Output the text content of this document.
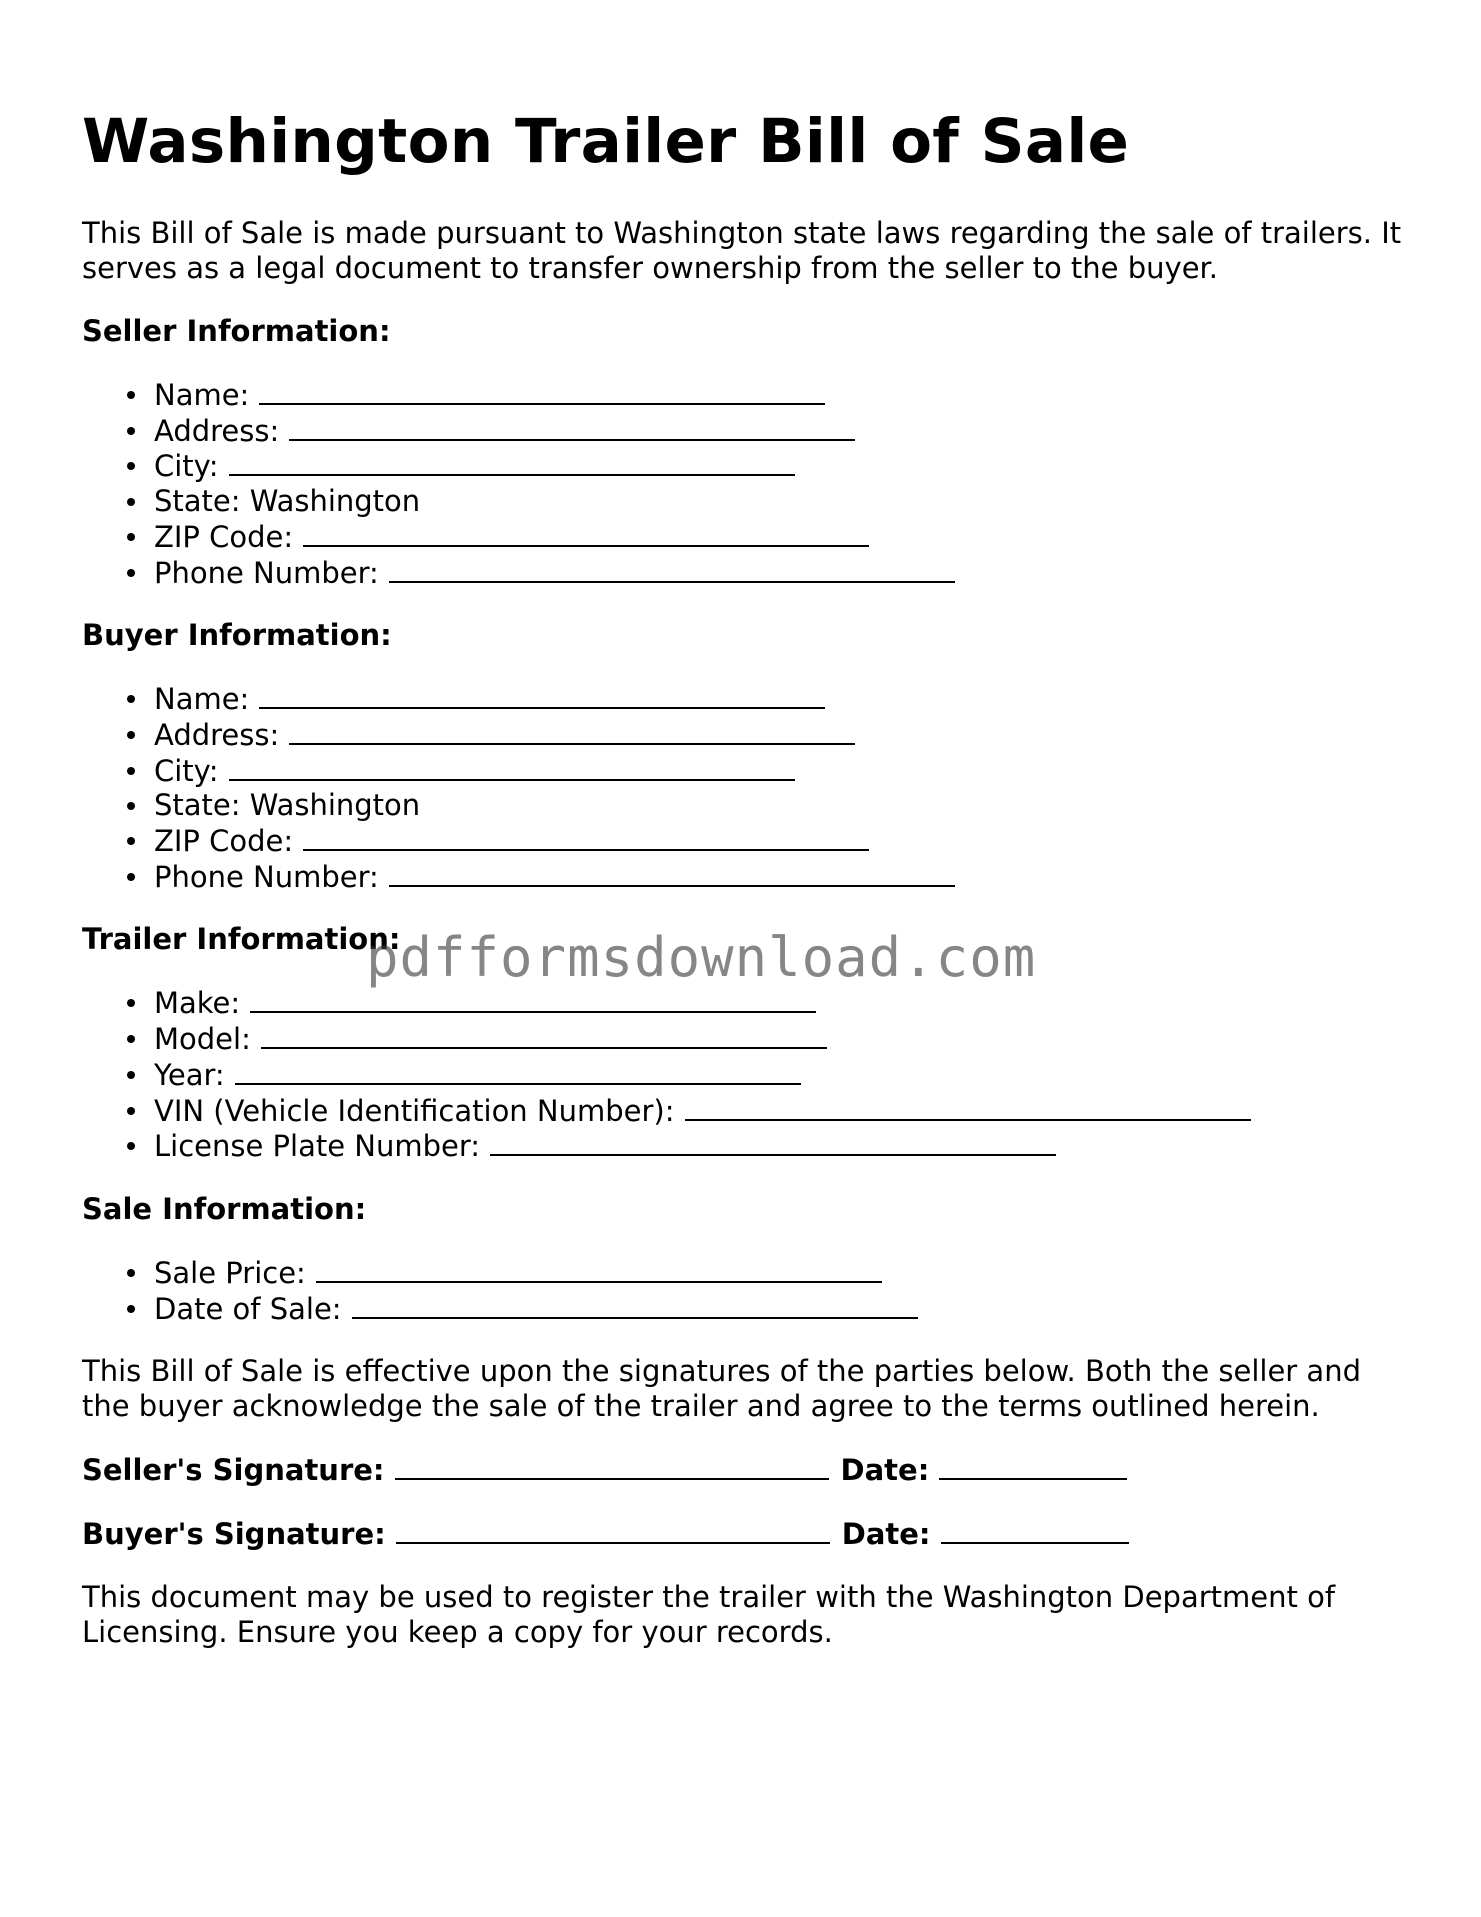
Washington Trailer Bill of Sale

This Bill of Sale is made pursuant to Washington state laws regarding the sale of trailers. It serves as a legal document to transfer ownership from the seller to the buyer.

Seller Information:
Name:
Address:
City:
State: Washington
ZIP Code:
Phone Number:
Buyer Information:
Name:
Address:
City:
State: Washington
ZIP Code:
Phone Number:
Trailer Information:
Make:
Model:
Year:
VIN (Vehicle Identification Number):
License Plate Number:
Sale Information:
Sale Price:
Date of Sale:

This Bill of Sale is effective upon the signatures of the parties below. Both the seller and the buyer acknowledge the sale of the trailer and agree to the terms outlined herein.

Seller's Signature:	Date:
Buyer's Signature:	Date:

This document may be used to register the trailer with the Washington Department of Licensing. Ensure you keep a copy for your records.

pdfformsdownload.com
